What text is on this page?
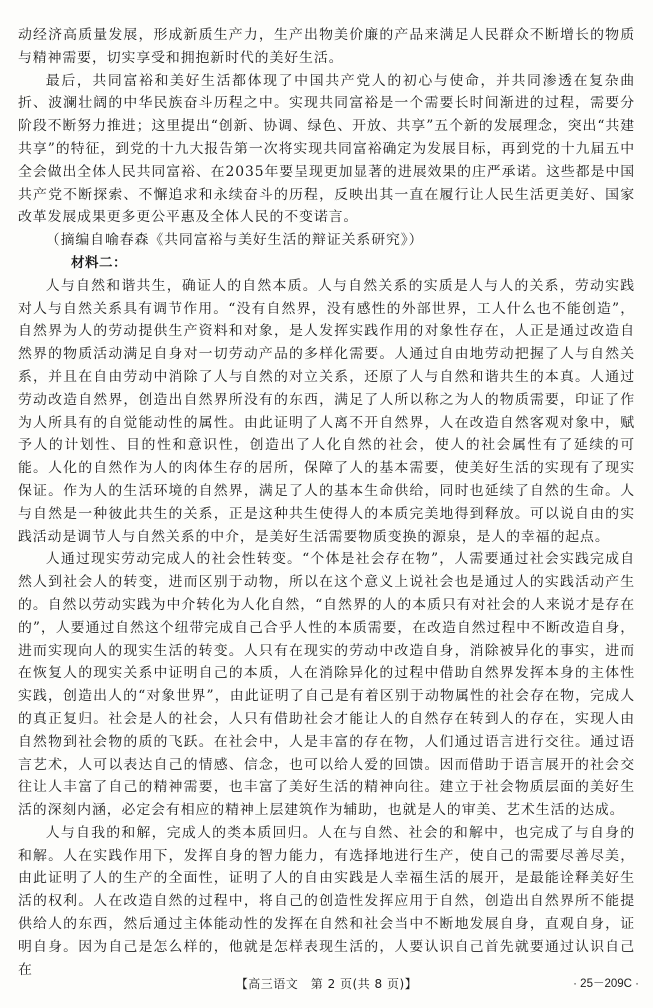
动经济高质量发展，形成新质生产力，生产出物美价廉的产品来满足人民群众不断增长的物质与精神需要，切实享受和拥抱新时代的美好生活。

最后，共同富裕和美好生活都体现了中国共产党人的初心与使命，并共同渗透在复杂曲折、波澜壮阔的中华民族奋斗历程之中。实现共同富裕是一个需要长时间渐进的过程，需要分阶段不断努力推进；这里提出“创新、协调、绿色、开放、共享”五个新的发展理念，突出“共建共享”的特征，到党的十九大报告第一次将实现共同富裕确定为发展目标，再到党的十九届五中全会做出全体人民共同富裕、在2035年要呈现更加显著的进展效果的庄严承诺。这些都是中国共产党不断探索、不懈追求和永续奋斗的历程，反映出其一直在履行让人民生活更美好、国家改革发展成果更多更公平惠及全体人民的不变诺言。

（摘编自喻春森《共同富裕与美好生活的辩证关系研究》）

材料二：

人与自然和谐共生，确证人的自然本质。人与自然关系的实质是人与人的关系，劳动实践对人与自然关系具有调节作用。“没有自然界，没有感性的外部世界，工人什么也不能创造”，自然界为人的劳动提供生产资料和对象，是人发挥实践作用的对象性存在，人正是通过改造自然界的物质活动满足自身对一切劳动产品的多样化需要。人通过自由地劳动把握了人与自然关系，并且在自由劳动中消除了人与自然的对立关系，还原了人与自然和谐共生的本真。人通过劳动改造自然界，创造出自然界所没有的东西，满足了人所以称之为人的物质需要，印证了作为人所具有的自觉能动性的属性。由此证明了人离不开自然界，人在改造自然客观对象中，赋予人的计划性、目的性和意识性，创造出了人化自然的社会，使人的社会属性有了延续的可能。人化的自然作为人的肉体生存的居所，保障了人的基本需要，使美好生活的实现有了现实保证。作为人的生活环境的自然界，满足了人的基本生命供给，同时也延续了自然的生命。人与自然是一种彼此共生的关系，正是这种共生使得人的本质完美地得到释放。可以说自由的实践活动是调节人与自然关系的中介，是美好生活需要物质变换的源泉，是人的幸福的起点。

人通过现实劳动完成人的社会性转变。“个体是社会存在物”，人需要通过社会实践完成自然人到社会人的转变，进而区别于动物，所以在这个意义上说社会也是通过人的实践活动产生的。自然以劳动实践为中介转化为人化自然，“自然界的人的本质只有对社会的人来说才是存在的”，人要通过自然这个纽带完成自己合乎人性的本质需要，在改造自然过程中不断改造自身，进而实现向人的现实生活的转变。人只有在现实的劳动中改造自身，消除被异化的事实，进而在恢复人的现实关系中证明自己的本质，人在消除异化的过程中借助自然界发挥本身的主体性实践，创造出人的“对象世界”，由此证明了自己是有着区别于动物属性的社会存在物，完成人的真正复归。社会是人的社会，人只有借助社会才能让人的自然存在转到人的存在，实现人由自然物到社会物的质的飞跃。在社会中，人是丰富的存在物，人们通过语言进行交往。通过语言艺术，人可以表达自己的情感、信念，也可以给人爱的回馈。因而借助于语言展开的社会交往让人丰富了自己的精神需要，也丰富了美好生活的精神向往。建立于社会物质层面的美好生活的深刻内涵，必定会有相应的精神上层建筑作为辅助，也就是人的审美、艺术生活的达成。

人与自我的和解，完成人的类本质回归。人在与自然、社会的和解中，也完成了与自身的和解。人在实践作用下，发挥自身的智力能力，有选择地进行生产，使自己的需要尽善尽美，由此证明了人的生产的全面性，证明了人的自由实践是人幸福生活的展开，是最能诠释美好生活的权利。人在改造自然的过程中，将自己的创造性发挥应用于自然，创造出自然界所不能提供给人的东西，然后通过主体能动性的发挥在自然和社会当中不断地发展自身，直观自身，证明自身。因为自己是怎么样的，他就是怎样表现生活的，人要认识自己首先就要通过认识自己在

【高三语文　第 2 页(共 8 页)】	· 25－209C ·
